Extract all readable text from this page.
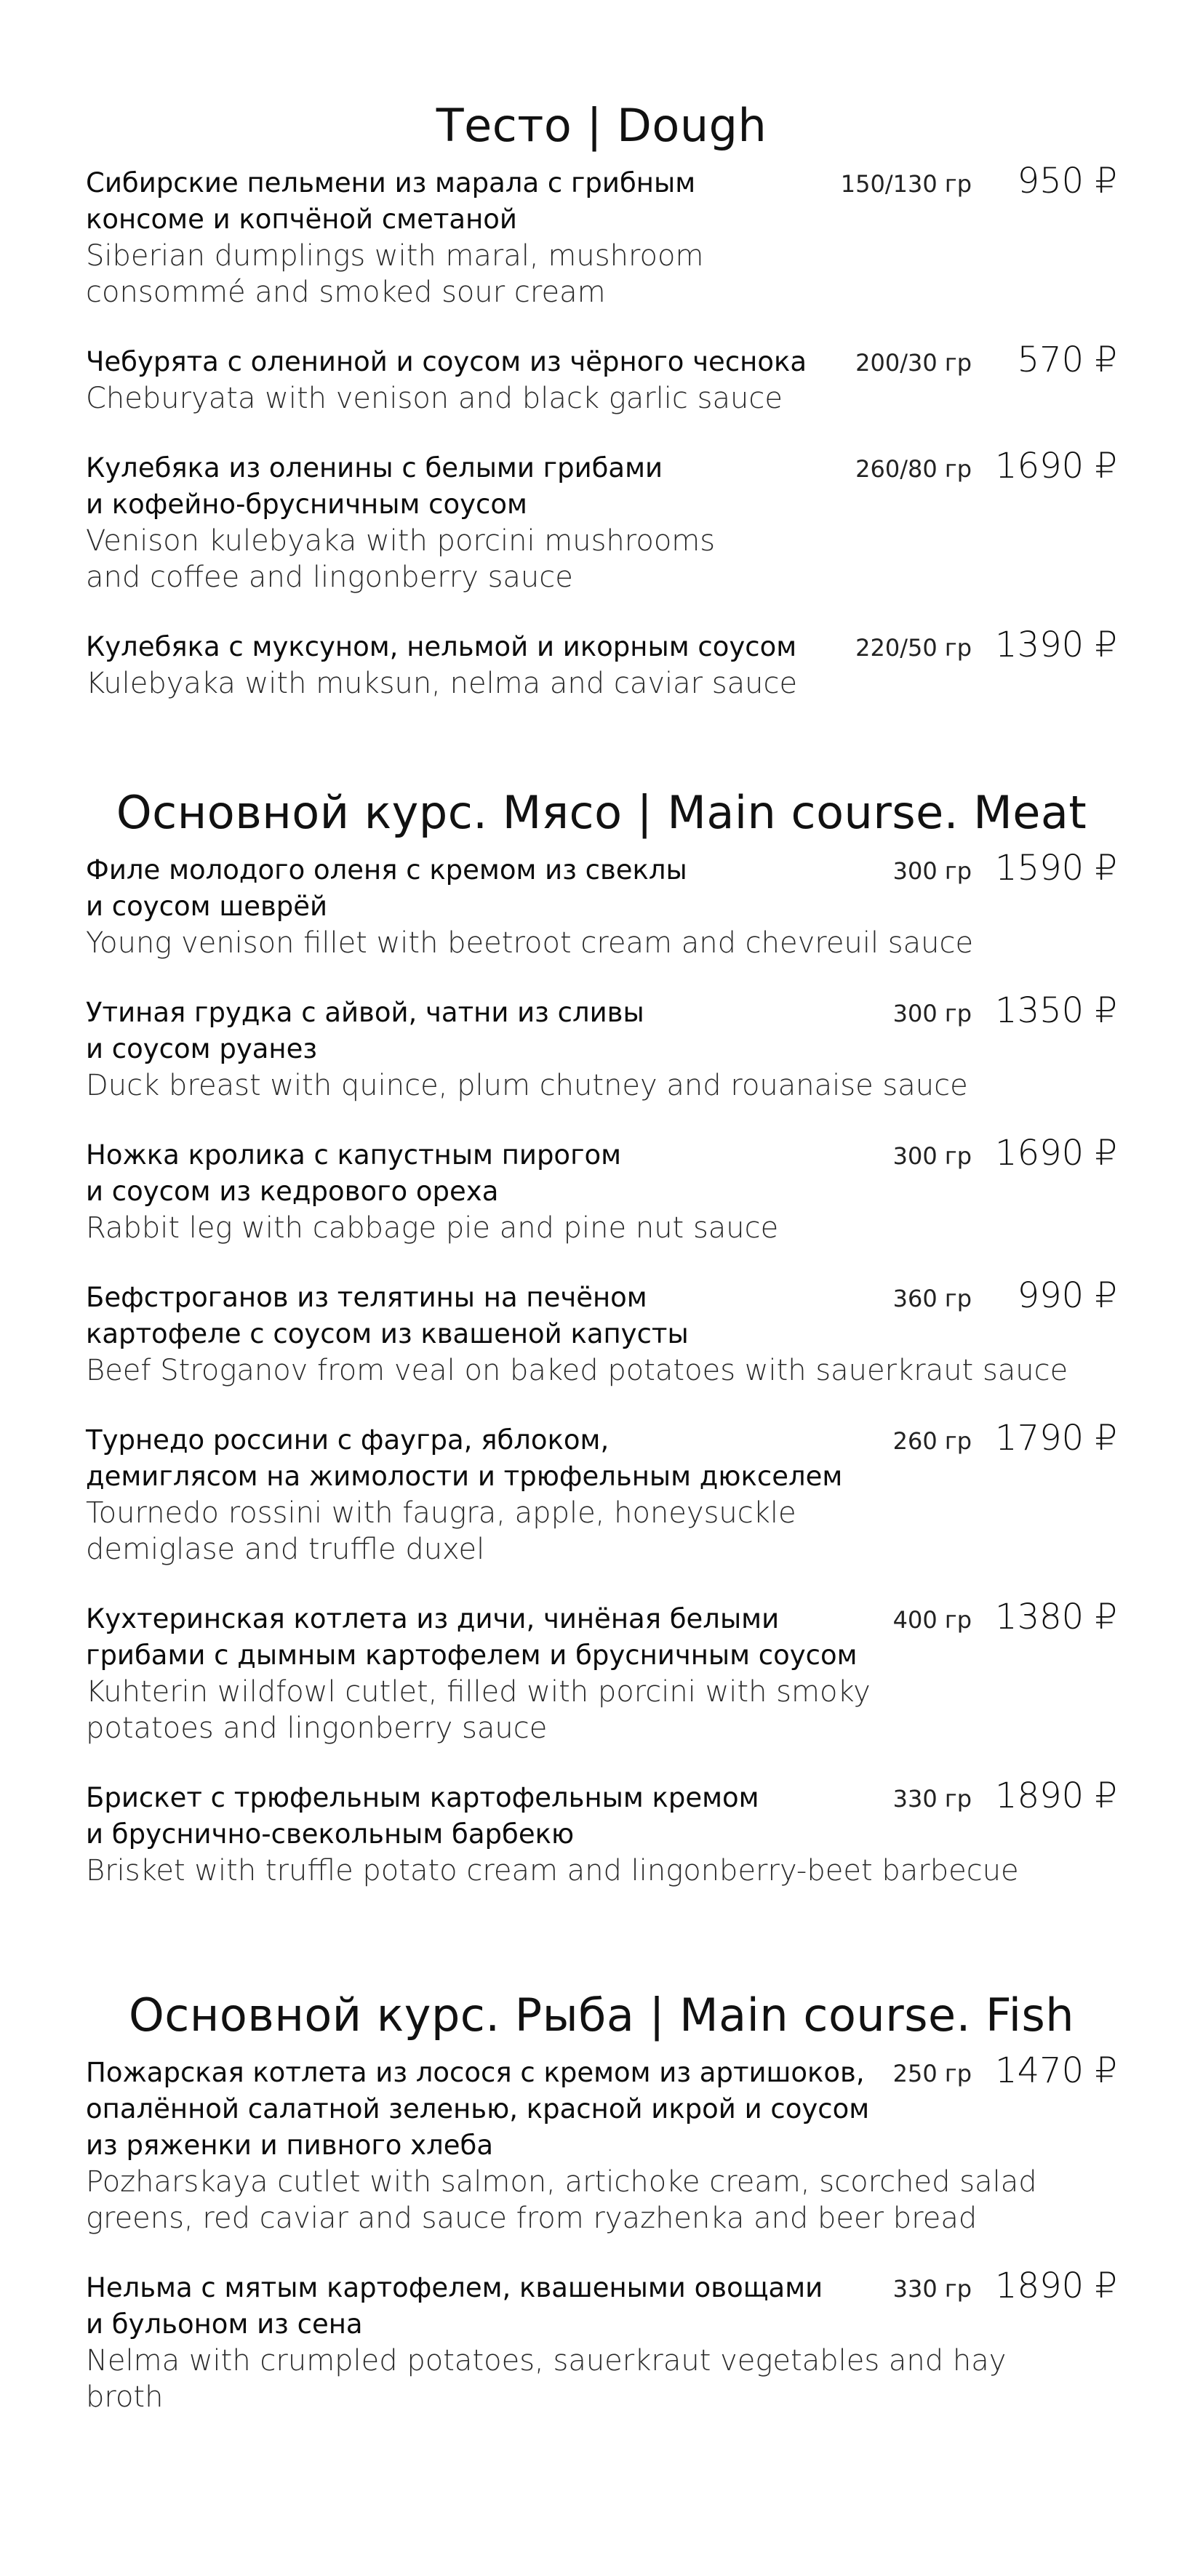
Тесто | Dough
Сибирские пельмени из марала с грибным
консоме и копчёной сметаной
Siberian dumplings with maral, mushroom
consommé and smoked sour cream
150/130 гр 950 ₽
Чебурята с олениной и соусом из чёрного чеснока
Cheburyata with venison and black garlic sauce
200/30 гр 570 ₽
Кулебяка из оленины с белыми грибами
и кофейно-брусничным соусом
Venison kulebyaka with porcini mushrooms
and coffee and lingonberry sauce
260/80 гр 1690 ₽
Кулебяка с муксуном, нельмой и икорным соусом
Kulebyaka with muksun, nelma and caviar sauce
220/50 гр 1390 ₽
Основной курс. Мясо | Main course. Meat
Филе молодого оленя с кремом из свеклы
и соусом шеврёй
Young venison fillet with beetroot cream and chevreuil sauce
300 гр 1590 ₽
Утиная грудка с айвой, чатни из сливы
и соусом руанез
Duck breast with quince, plum chutney and rouanaise sauce
300 гр 1350 ₽
Ножка кролика с капустным пирогом
и соусом из кедрового ореха
Rabbit leg with cabbage pie and pine nut sauce
300 гр 1690 ₽
Бефстроганов из телятины на печёном
картофеле с соусом из квашеной капусты
Beef Stroganov from veal on baked potatoes with sauerkraut sauce
360 гр 990 ₽
Турнедо россини с фаугра, яблоком,
демиглясом на жимолости и трюфельным дюкселем
Tournedo rossini with faugra, apple, honeysuckle
demiglase and truffle duxel
260 гр 1790 ₽
Кухтеринская котлета из дичи, чинёная белыми
грибами с дымным картофелем и брусничным соусом
Kuhterin wildfowl cutlet, filled with porcini with smoky
potatoes and lingonberry sauce
400 гр 1380 ₽
Брискет с трюфельным картофельным кремом
и бруснично-свекольным барбекю
Brisket with truffle potato cream and lingonberry-beet barbecue
330 гр 1890 ₽
Основной курс. Рыба | Main course. Fish
Пожарская котлета из лосося с кремом из артишоков,
опалённой салатной зеленью, красной икрой и соусом
из ряженки и пивного хлеба
Pozharskaya cutlet with salmon, artichoke cream, scorched salad
greens, red caviar and sauce from ryazhenka and beer bread
250 гр 1470 ₽
Нельма с мятым картофелем, квашеными овощами
и бульоном из сена
Nelma with crumpled potatoes, sauerkraut vegetables and hay broth
330 гр 1890 ₽
